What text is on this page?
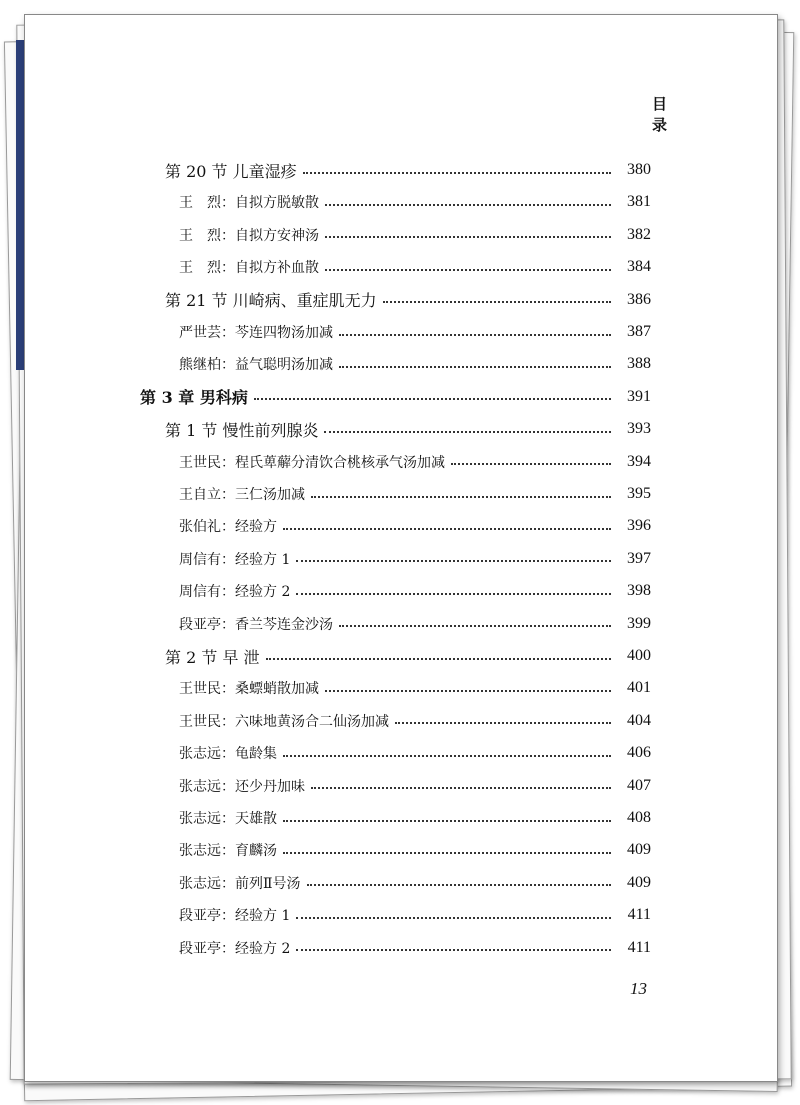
目 录
第 20 节 儿童湿疹	380
王　烈：自拟方脱敏散	381
王　烈：自拟方安神汤	382
王　烈：自拟方补血散	384
第 21 节 川崎病、重症肌无力	386
严世芸：芩连四物汤加减	387
熊继柏：益气聪明汤加减	388
第 3 章 男科病	391
第 1 节 慢性前列腺炎	393
王世民：程氏萆薢分清饮合桃核承气汤加减	394
王自立：三仁汤加减	395
张伯礼：经验方	396
周信有：经验方 1	397
周信有：经验方 2	398
段亚亭：香兰芩连金沙汤	399
第 2 节 早 泄	400
王世民：桑螵蛸散加减	401
王世民：六味地黄汤合二仙汤加减	404
张志远：龟龄集	406
张志远：还少丹加味	407
张志远：天雄散	408
张志远：育麟汤	409
张志远：前列Ⅱ号汤	409
段亚亭：经验方 1	411
段亚亭：经验方 2	411
13
